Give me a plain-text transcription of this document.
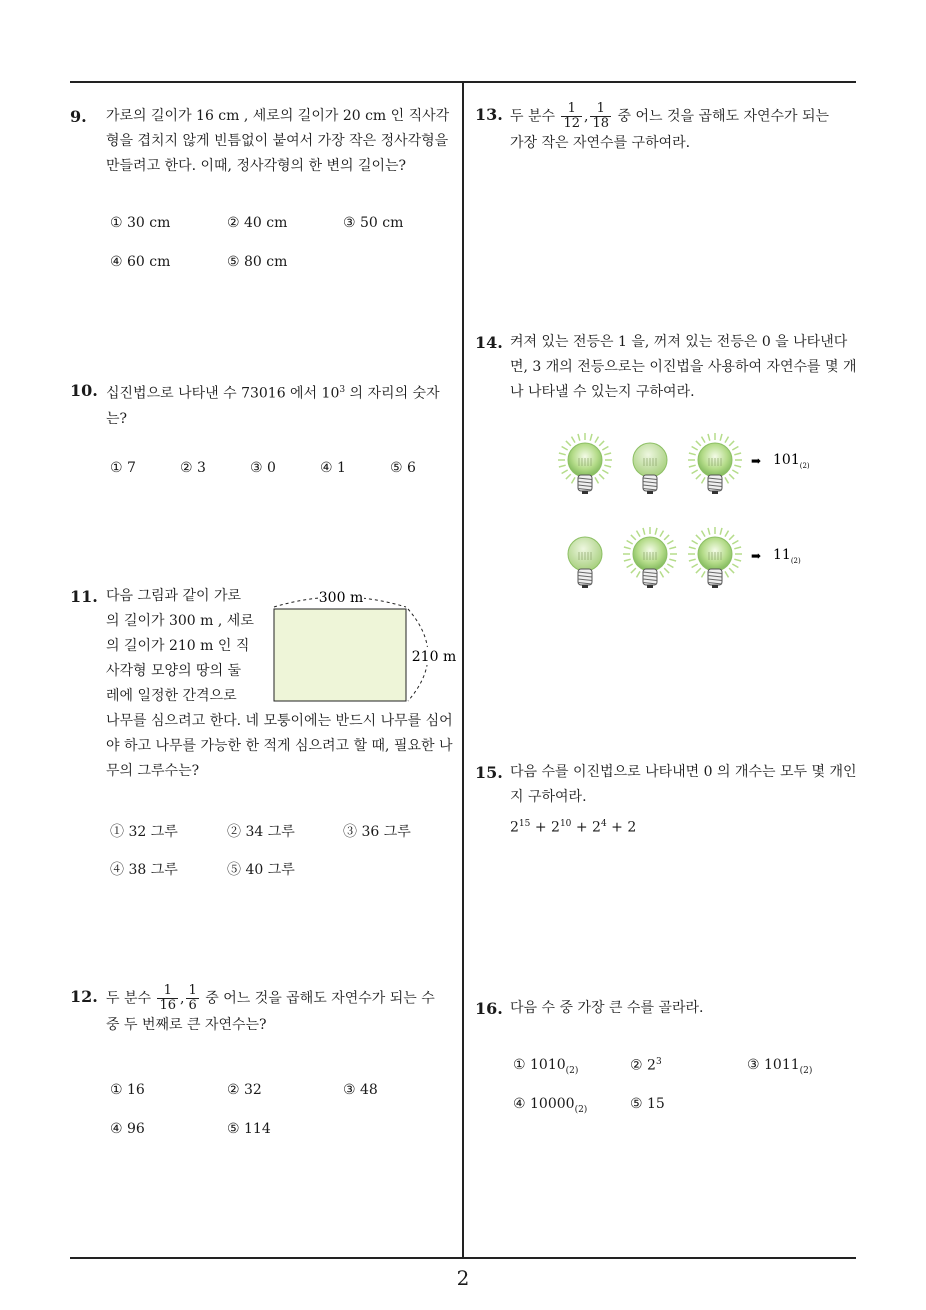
9. 가로의 길이가 16 cm , 세로의 길이가 20 cm 인 직사각형을 겹치지 않게 빈틈없이 붙여서 가장 작은 정사각형을 만들려고 한다. 이때, 정사각형의 한 변의 길이는?
① 30 cm	② 40 cm	③ 50 cm
④ 60 cm	⑤ 80 cm
10. 십진법으로 나타낸 수 73016 에서 $10^3$ 의 자리의 숫자는?
① 7	② 3	③ 0	④ 1	⑤ 6
11. 다음 그림과 같이 가로
의 길이가 300 m , 세로
의 길이가 210 m 인 직
사각형 모양의 땅의 둘
레에 일정한 간격으로
나무를 심으려고 한다. 네 모퉁이에는 반드시 나무를 심어야 하고 나무를 가능한 한 적게 심으려고 할 때, 필요한 나무의 그루수는?
300 m
210 m
① 32 그루	② 34 그루	③ 36 그루
④ 38 그루	⑤ 40 그루
12. 두 분수 $\frac{1}{16}$ , $\frac{1}{6}$ 중 어느 것을 곱해도 자연수가 되는 수
중 두 번째로 큰 자연수는?
① 16	② 32	③ 48
④ 96	⑤ 114
13. 두 분수 $\frac{1}{12}$ , $\frac{1}{18}$ 중 어느 것을 곱해도 자연수가 되는
가장 작은 자연수를 구하여라.
14. 켜져 있는 전등은 1 을, 꺼져 있는 전등은 0 을 나타낸다면, 3 개의 전등으로는 이진법을 사용하여 자연수를 몇 개나 나타낼 수 있는지 구하여라.
➡ $101_{(2)}$
➡ $11_{(2)}$
15. 다음 수를 이진법으로 나타내면 0 의 개수는 모두 몇 개인지 구하여라.
$2^{15} + 2^{10} + 2^4 + 2$
16. 다음 수 중 가장 큰 수를 골라라.
① $1010_{(2)}$	② $2^3$	③ $1011_{(2)}$
④ $10000_{(2)}$	⑤ 15
2
